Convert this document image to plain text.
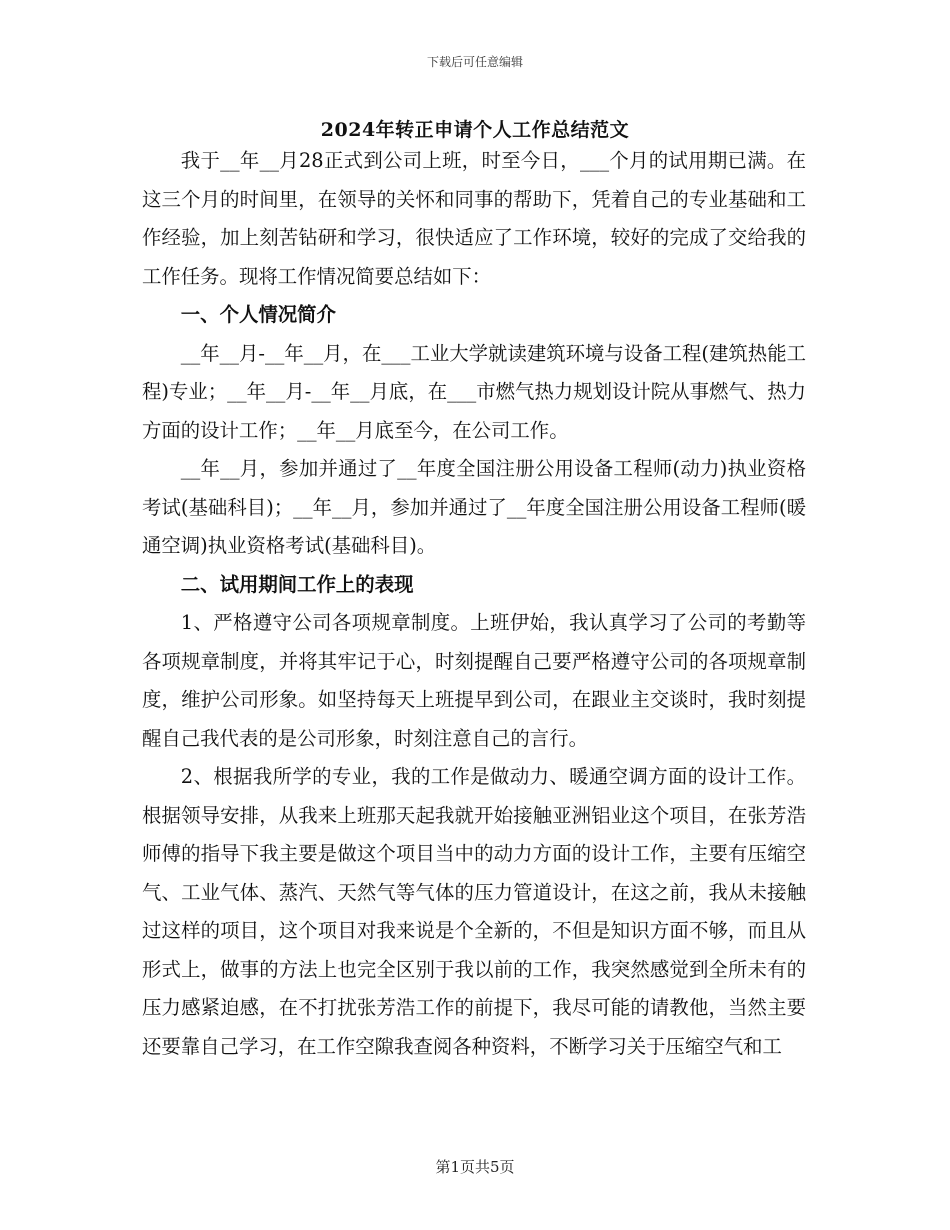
下载后可任意编辑
2024年转正申请个人工作总结范文

我于__年__月28正式到公司上班，时至今日，___个月的试用期已满。在这三个月的时间里，在领导的关怀和同事的帮助下，凭着自己的专业基础和工作经验，加上刻苦钻研和学习，很快适应了工作环境，较好的完成了交给我的工作任务。现将工作情况简要总结如下：

一、个人情况简介

__年__月-__年__月，在___工业大学就读建筑环境与设备工程(建筑热能工程)专业；__年__月-__年__月底，在___市燃气热力规划设计院从事燃气、热力方面的设计工作；__年__月底至今，在公司工作。

__年__月，参加并通过了__年度全国注册公用设备工程师(动力)执业资格考试(基础科目)；__年__月，参加并通过了__年度全国注册公用设备工程师(暖通空调)执业资格考试(基础科目)。

二、试用期间工作上的表现

1、严格遵守公司各项规章制度。上班伊始，我认真学习了公司的考勤等各项规章制度，并将其牢记于心，时刻提醒自己要严格遵守公司的各项规章制度，维护公司形象。如坚持每天上班提早到公司，在跟业主交谈时，我时刻提醒自己我代表的是公司形象，时刻注意自己的言行。

2、根据我所学的专业，我的工作是做动力、暖通空调方面的设计工作。根据领导安排，从我来上班那天起我就开始接触亚洲铝业这个项目，在张芳浩师傅的指导下我主要是做这个项目当中的动力方面的设计工作，主要有压缩空气、工业气体、蒸汽、天然气等气体的压力管道设计，在这之前，我从未接触过这样的项目，这个项目对我来说是个全新的，不但是知识方面不够，而且从形式上，做事的方法上也完全区别于我以前的工作，我突然感觉到全所未有的压力感紧迫感，在不打扰张芳浩工作的前提下，我尽可能的请教他，当然主要还要靠自己学习，在工作空隙我查阅各种资料，不断学习关于压缩空气和工

第1页共5页
